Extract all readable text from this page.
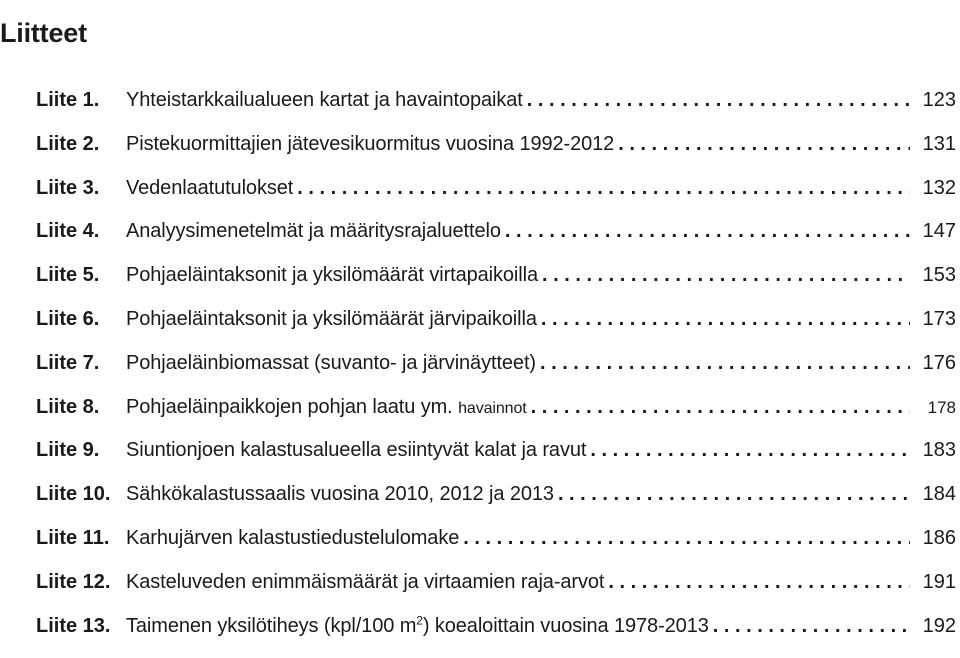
Liitteet
Liite 1.	Yhteistarkkailualueen kartat ja havaintopaikat . . .	123
Liite 2.	Pistekuormittajien jätevesikuormitus vuosina 1992-2012 . . .	131
Liite 3.	Vedenlaatutulokset . . .	132
Liite 4.	Analyysimenetelmät ja määritysrajaluettelo . . .	147
Liite 5.	Pohjaeläintaksonit ja yksilömäärät virtapaikoilla . . .	153
Liite 6.	Pohjaeläintaksonit ja yksilömäärät järvipaikoilla . . .	173
Liite 7.	Pohjaeläinbiomassat (suvanto- ja järvinäytteet) . . .	176
Liite 8.	Pohjaeläinpaikkojen pohjan laatu ym. havainnot . . .	178
Liite 9.	Siuntionjoen kalastusalueella esiintyvät kalat ja ravut . . .	183
Liite 10. Sähkökalastussaalis vuosina 2010, 2012 ja 2013 . . .	184
Liite 11. Karhujärven kalastustiedustelulomake . . .	186
Liite 12. Kasteluveden enimmäismäärät ja virtaamien raja-arvot . . .	191
Liite 13. Taimenen yksilötiheys (kpl/100 $m^2$) koealoittain vuosina 1978-2013 . . .	192
